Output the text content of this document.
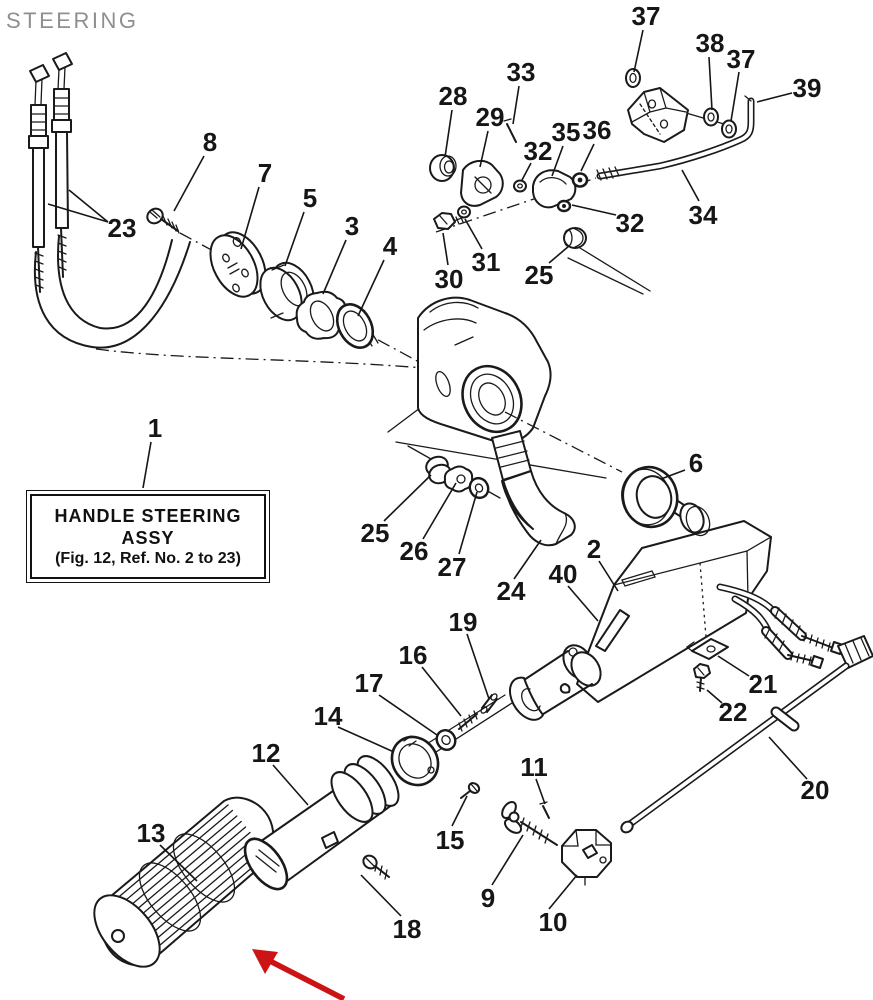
STEERING	37
38
37
39
33
28
29 35 36
32
8
7
5
3
4
34
32
23
30
31 25
1
6
25
26
27
24
2
40
19
16
17
14
21
22
12	11
20
15
13
9
10
18
HANDLE STEERING
ASSY
(Fig. 12, Ref. No. 2 to 23)
